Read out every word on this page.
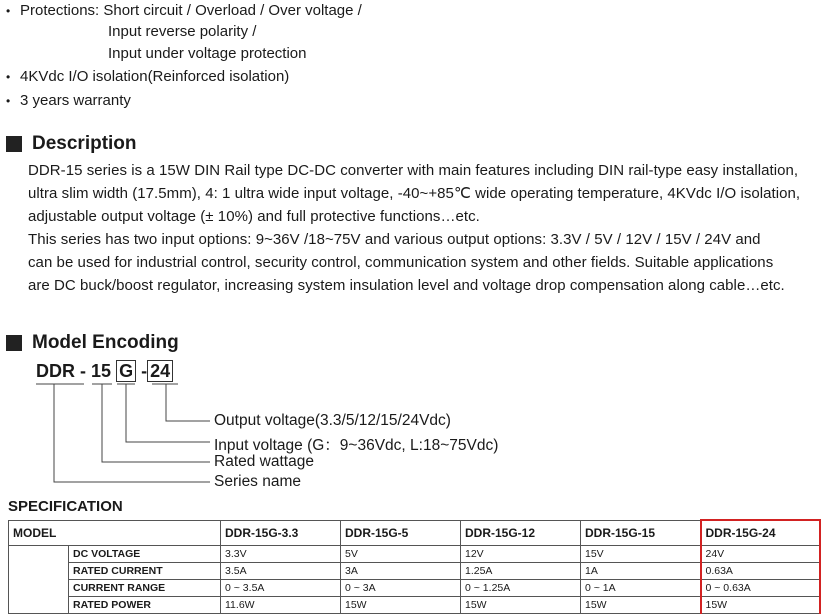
• Protections: Short circuit / Overload / Over voltage /
Input reverse polarity /
Input under voltage protection
• 4KVdc I/O isolation(Reinforced isolation)
• 3 years warranty
Description

DDR-15 series is a 15W DIN Rail type DC-DC converter with main features including DIN rail-type easy installation,

ultra slim width (17.5mm), 4: 1 ultra wide input voltage, -40~+85℃ wide operating temperature, 4KVdc I/O isolation,

adjustable output voltage (± 10%) and full protective functions…etc.

This series has two input options: 9~36V /18~75V and various output options: 3.3V / 5V / 12V / 15V / 24V and

can be used for industrial control, security control, communication system and other fields. Suitable applications

are DC buck/boost regulator, increasing system insulation level and voltage drop compensation along cable…etc.

Model Encoding
DDR - 15 G - 24
Output voltage(3.3/5/12/15/24Vdc)
Input voltage (G：9~36Vdc, L:18~75Vdc)
Rated wattage
Series name
SPECIFICATION
MODEL		DDR-15G-3.3	DDR-15G-5	DDR-15G-12	DDR-15G-15	DDR-15G-24
	DC VOLTAGE	3.3V	5V	12V	15V	24V
	RATED CURRENT	3.5A	3A	1.25A	1A	0.63A
	CURRENT RANGE	0 ~ 3.5A	0 ~ 3A	0 ~ 1.25A	0 ~ 1A	0 ~ 0.63A
	RATED POWER	11.6W	15W	15W	15W	15W
